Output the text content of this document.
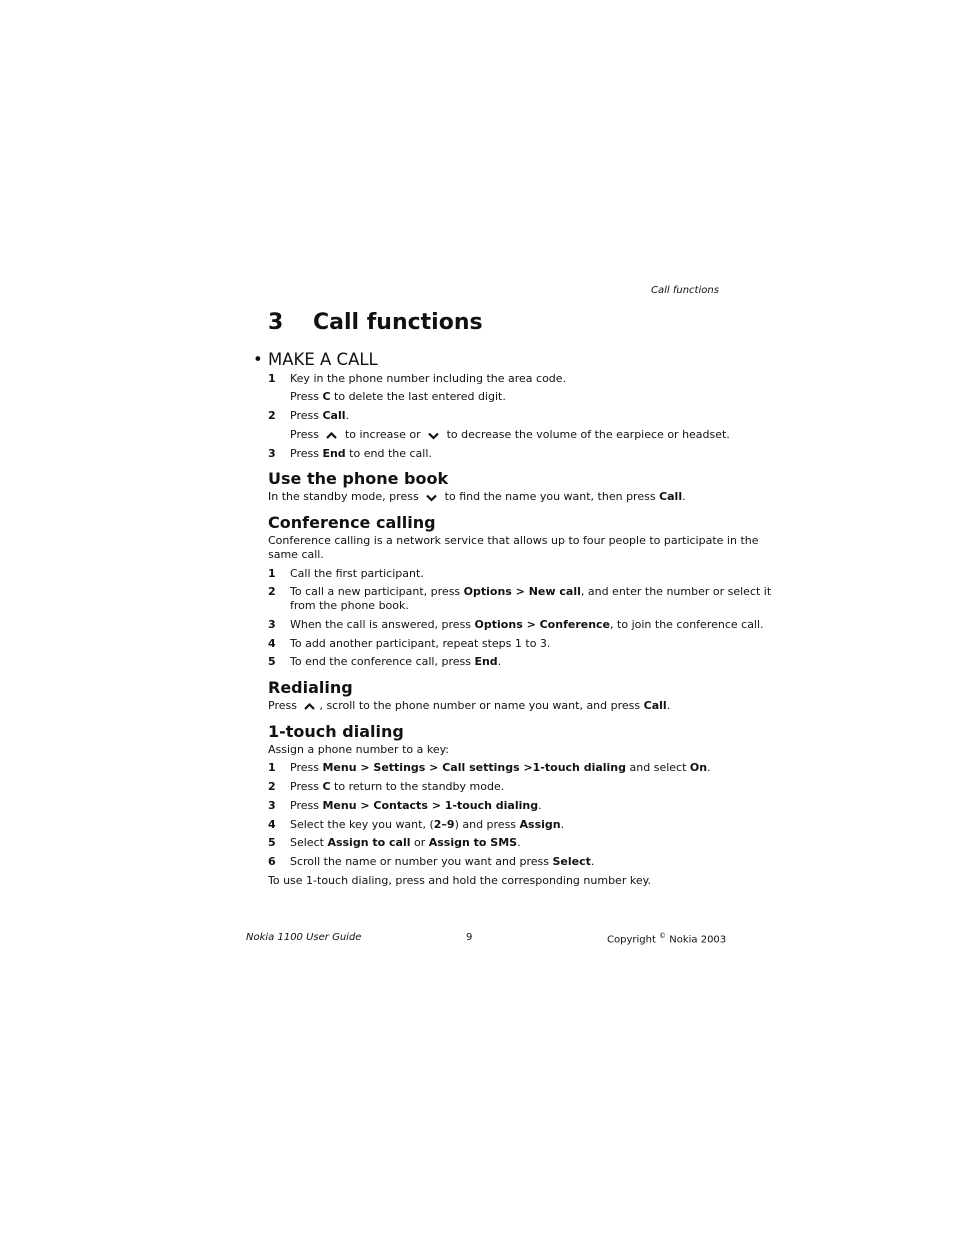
Call functions
3 Call functions
• MAKE A CALL
1 Key in the phone number including the area code.
Press C to delete the last entered digit.
2 Press Call.
Press
to increase or
to decrease the volume of the earpiece or headset.
3 Press End to end the call.
Use the phone book
In the standby mode, press
to find the name you want, then press Call.
Conference calling
Conference calling is a network service that allows up to four people to participate in the
same call.
1 Call the first participant.
2 To call a new participant, press Options > New call, and enter the number or select it
from the phone book.
3 When the call is answered, press Options > Conference, to join the conference call.
4 To add another participant, repeat steps 1 to 3.
5 To end the conference call, press End.
Redialing
Press
, scroll to the phone number or name you want, and press Call.
1-touch dialing
Assign a phone number to a key:
1 Press Menu > Settings > Call settings >1-touch dialing and select On.
2 Press C to return to the standby mode.
3 Press Menu > Contacts > 1-touch dialing.
4 Select the key you want, (2–9) and press Assign.
5 Select Assign to call or Assign to SMS.
6 Scroll the name or number you want and press Select.
To use 1-touch dialing, press and hold the corresponding number key.
Nokia 1100 User Guide	9	Copyright © Nokia 2003
